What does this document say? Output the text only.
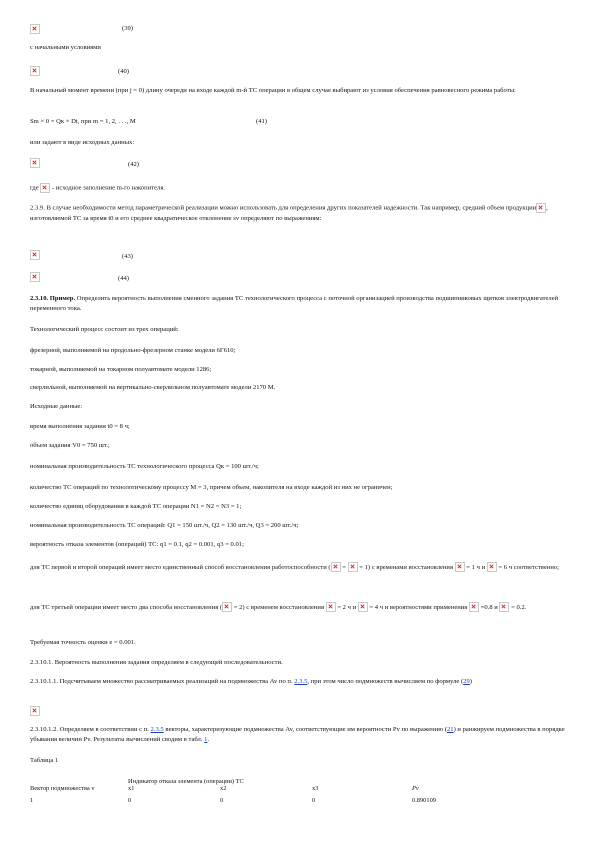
(39)
с начальными условиями
(40)
В начальный момент времени (при j = 0) длину очереди на входе каждой m-й ТС операции в общем случае выбирают из условия обеспечения равновесного режима работы:
Sm × 0 = Qк × Dt, при m = 1, 2, . . ., M	(41)
или задают в виде исходных данных:
(42)
где - исходное заполнение m-го накопителя.
2.3.9. В случае необходимости метод параметрической реализации можно использовать для определения других показателей надежности. Так например, средний объем продукции , изготовляемой ТС за время t0 и его среднее квадратическое отклонение sv определяют по выражениям:
(43)
(44)
2.3.10. Пример. Определить вероятность выполнения сменного задания ТС технологического процесса с поточной организацией производства подшипниковых щитков электродвигателей переменного тока.
Технологический процесс состоит из трех операций:
фрезерной, выполняемой на продольно-фрезерном станке модели 6Г610;
токарной, выполняемой на токарном полуавтомате модели 1286;
сверлильной, выполняемой на вертикально-сверлильном полуавтомате модели 2170 М.
Исходные данные:
время выполнения задания t0 = 8 ч;
объем задания V0 = 750 шт.;
номинальная производительность ТС технологического процесса Qк = 100 шт./ч;
количество ТС операций по технологическому процессу M = 3, причем объем, накопителя на входе каждой из них не ограничен;
количество единиц оборудования в каждой ТС операции N1 = N2 = N3 = 1;
номинальная производительность ТС операций: Q1 = 150 шт./ч, Q2 = 130 шт./ч, Q3 = 200 шт./ч;
вероятность отказа элементов (операций) ТС: q1 = 0.1, q2 = 0.001, q3 = 0.01;
для ТС первой и второй операций имеет место единственный способ восстановления работоспособности ( =  = 1) с временами восстановления  = 1 ч и  = 6 ч соответственно;
для ТС третьей операции имеет место два способа восстановления ( = 2) с временем восстановления  = 2 ч и  = 4 ч и вероятностями применения  =0.8 и  = 0.2.
Требуемая точность оценки e = 0.001.
2.3.10.1. Вероятность выполнения задания определяем в следующей последовательности.
2.3.10.1.1. Подсчитываем множество рассматриваемых реализаций на подмножества Av по п. 2.3.5, при этом число подмножеств вычисляем по формуле (29)
2.3.10.1.2. Определяем в соответствии с п. 2.3.5 векторы, характеризующие подмножества Av, соответствующие им вероятности Pv по выражению (21) и ранжируем подмножества в порядке убывания величин Pv. Результаты вычислений сводим в табл. 1.
Таблица 1
Вектор подмножества v	Индикатор отказа элемента (операции) ТС			Pv
	x1	x2	x3	
1	0	0	0	0.890109
